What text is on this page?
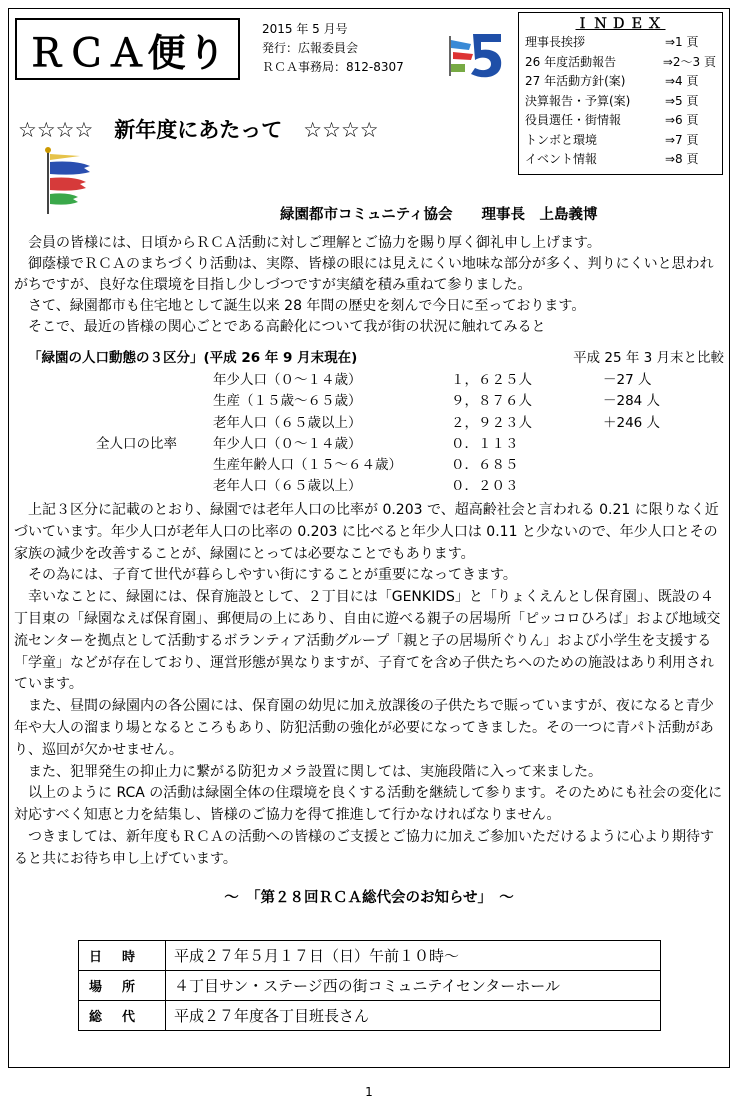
ＲＣＡ便り
2015 年 5 月号
発行：広報委員会
ＲＣＡ事務局：812-8307
ＩＮＤＥＸ
理事長挨拶	⇒1 頁
26 年度活動報告	⇒2～3 頁
27 年活動方針(案)	⇒4 頁
決算報告・予算(案)	⇒5 頁
役員選任・街情報	⇒6 頁
トンボと環境	⇒7 頁
イベント情報	⇒8 頁
☆☆☆☆　新年度にあたって　☆☆☆☆
緑園都市コミュニティ協会　　理事長　上島義博

会員の皆様には、日頃からＲＣＡ活動に対しご理解とご協力を賜り厚く御礼申し上げます。

御蔭様でＲＣＡのまちづくり活動は、実際、皆様の眼には見えにくい地味な部分が多く、判りにくいと思われがちですが、良好な住環境を目指し少しづつですが実績を積み重ねて参りました。

さて、緑園都市も住宅地として誕生以来 28 年間の歴史を刻んで今日に至っております。

そこで、最近の皆様の関心ごとである高齢化について我が街の状況に触れてみると

「緑園の人口動態の３区分」(平成 26 年 9 月末現在)	平成 25 年 3 月末と比較
年少人口（０～１４歳）	１，６２５人	－27 人
生産（１５歳～６５歳）	９，８７６人	－284 人
老年人口（６５歳以上）	２，９２３人	＋246 人
全人口の比率	年少人口（０～１４歳）	０．１１３
生産年齢人口（１５～６４歳）	０．６８５
老年人口（６５歳以上）	０．２０３

上記３区分に記載のとおり、緑園では老年人口の比率が 0.203 で、超高齢社会と言われる 0.21 に限りなく近づいています。年少人口が老年人口の比率の 0.203 に比べると年少人口は 0.11 と少ないので、年少人口とその家族の減少を改善することが、緑園にとっては必要なことでもあります。

その為には、子育て世代が暮らしやすい街にすることが重要になってきます。

幸いなことに、緑園には、保育施設として、２丁目には「GENKIDS」と「りょくえんとし保育園」、既設の４丁目東の「緑園なえば保育園」、郵便局の上にあり、自由に遊べる親子の居場所「ピッコロひろば」および地域交流センターを拠点として活動するボランティア活動グループ「親と子の居場所ぐりん」および小学生を支援する「学童」などが存在しており、運営形態が異なりますが、子育てを含め子供たちへのための施設はあり利用されています。

また、昼間の緑園内の各公園には、保育園の幼児に加え放課後の子供たちで賑っていますが、夜になると青少年や大人の溜まり場となるところもあり、防犯活動の強化が必要になってきました。その一つに青パト活動があり、巡回が欠かせません。

また、犯罪発生の抑止力に繋がる防犯カメラ設置に関しては、実施段階に入って来ました。

以上のように RCA の活動は緑園全体の住環境を良くする活動を継続して参ります。そのためにも社会の変化に対応すべく知恵と力を結集し、皆様のご協力を得て推進して行かなければなりません。

つきましては、新年度もＲＣＡの活動への皆様のご支援とご協力に加えご参加いただけるように心より期待すると共にお待ち申し上げています。

～　「第２８回ＲＣＡ総代会のお知らせ」　～
日時	平成２７年５月１７日（日）午前１０時～
場所	４丁目サン・ステージ西の街コミュニテイセンターホール
総代	平成２７年度各丁目班長さん
1
